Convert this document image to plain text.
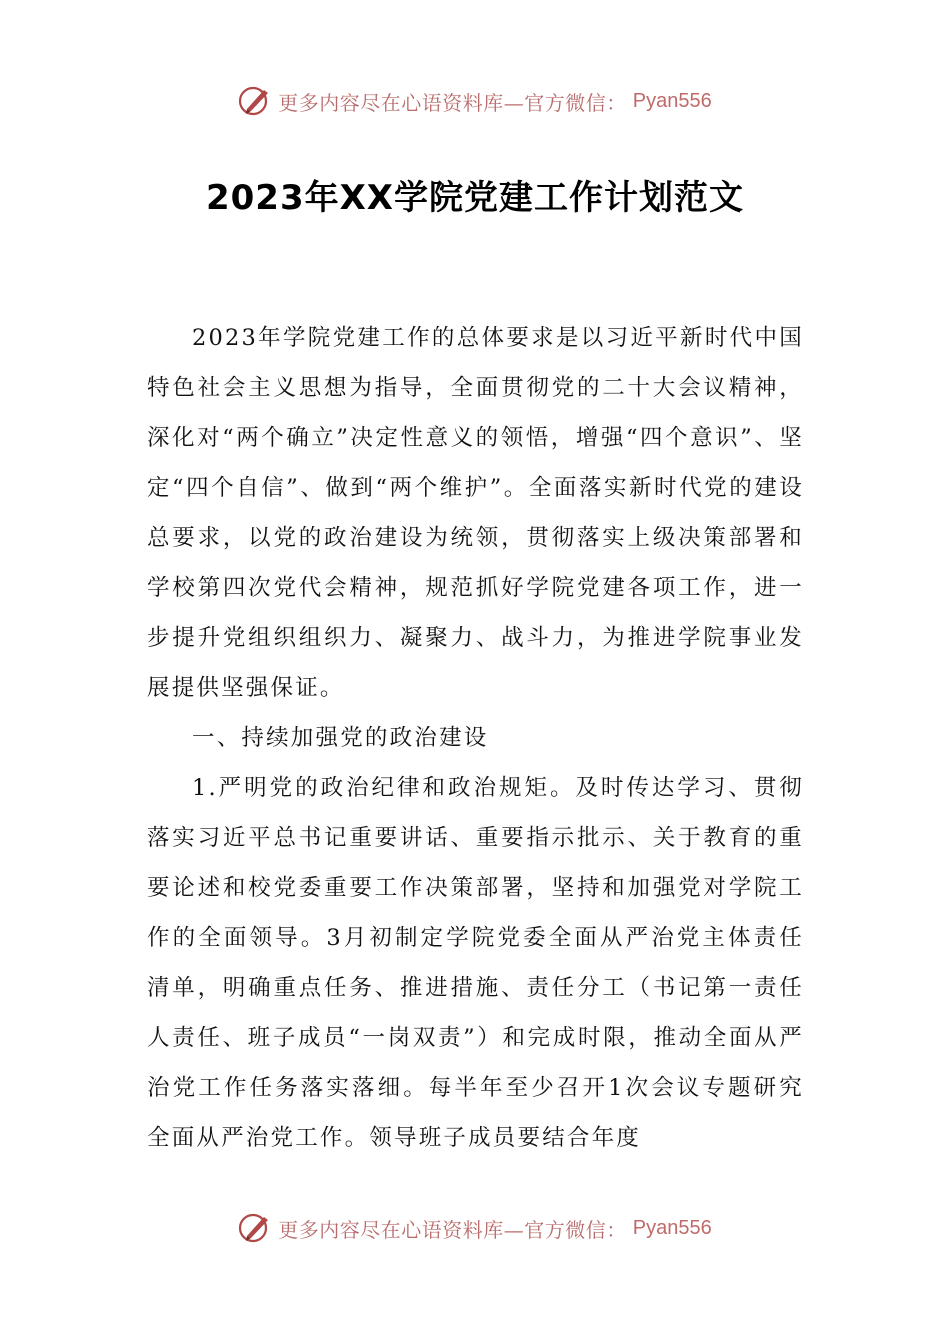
更多内容尽在心语资料库—官方微信： Pyan556
2023年XX学院党建工作计划范文

2023年学院党建工作的总体要求是以习近平新时代中国特色社会主义思想为指导，全面贯彻党的二十大会议精神，深化对“两个确立”决定性意义的领悟，增强“四个意识”、坚定“四个自信”、做到“两个维护”。全面落实新时代党的建设总要求，以党的政治建设为统领，贯彻落实上级决策部署和学校第四次党代会精神，规范抓好学院党建各项工作，进一步提升党组织组织力、凝聚力、战斗力，为推进学院事业发展提供坚强保证。

一、持续加强党的政治建设

1.严明党的政治纪律和政治规矩。及时传达学习、贯彻落实习近平总书记重要讲话、重要指示批示、关于教育的重要论述和校党委重要工作决策部署，坚持和加强党对学院工作的全面领导。3月初制定学院党委全面从严治党主体责任清单，明确重点任务、推进措施、责任分工（书记第一责任人责任、班子成员“一岗双责”）和完成时限，推动全面从严治党工作任务落实落细。每半年至少召开1次会议专题研究全面从严治党工作。领导班子成员要结合年度

更多内容尽在心语资料库—官方微信： Pyan556
